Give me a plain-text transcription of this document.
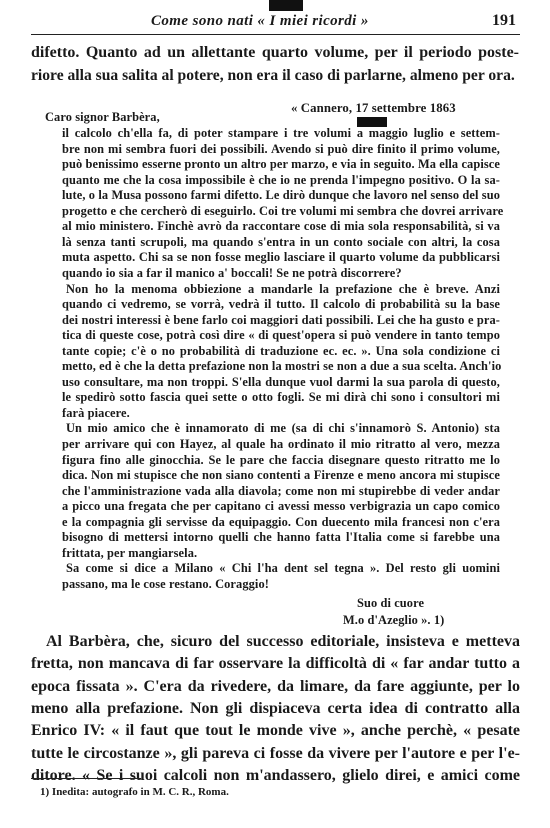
Come sono nati « I miei ricordi »	191

difetto. Quanto ad un allettante quarto volume, per il periodo poste-

riore alla sua salita al potere, non era il caso di parlarne, almeno per ora.

Caro signor Barbèra,

« Cannero, 17 settembre 1863

il calcolo ch'ella fa, di poter stampare i tre volumi a maggio luglio e settem-

bre non mi sembra fuori dei possibili. Avendo si può dire finito il primo volume,

può benissimo esserne pronto un altro per marzo, e via in seguito. Ma ella capisce

quanto me che la cosa impossibile è che io ne prenda l'impegno positivo. O la sa-

lute, o la Musa possono farmi difetto. Le dirò dunque che lavoro nel senso del suo

progetto e che cercherò di eseguirlo. Coi tre volumi mi sembra che dovrei arrivare

al mio ministero. Finchè avrò da raccontare cose di mia sola responsabilità, si va

là senza tanti scrupoli, ma quando s'entra in un conto sociale con altri, la cosa

muta aspetto. Chi sa se non fosse meglio lasciare il quarto volume da pubblicarsi

quando io sia a far il manico a' boccali! Se ne potrà discorrere?

Non ho la menoma obbiezione a mandarle la prefazione che è breve. Anzi

quando ci vedremo, se vorrà, vedrà il tutto. Il calcolo di probabilità su la base

dei nostri interessi è bene farlo coi maggiori dati possibili. Lei che ha gusto e pra-

tica di queste cose, potrà così dire « di quest'opera si può vendere in tanto tempo

tante copie; c'è o no probabilità di traduzione ec. ec. ». Una sola condizione ci

metto, ed è che la detta prefazione non la mostri se non a due a sua scelta. Anch'io

uso consultare, ma non troppi. S'ella dunque vuol darmi la sua parola di questo,

le spedirò sotto fascia quei sette o otto fogli. Se mi dirà chi sono i consultori mi

farà piacere.

Un mio amico che è innamorato di me (sa di chi s'innamorò S. Antonio) sta

per arrivare qui con Hayez, al quale ha ordinato il mio ritratto al vero, mezza

figura fino alle ginocchia. Se le pare che faccia disegnare questo ritratto me lo

dica. Non mi stupisce che non siano contenti a Firenze e meno ancora mi stupisce

che l'amministrazione vada alla diavola; come non mi stupirebbe di veder andar

a picco una fregata che per capitano ci avessi messo verbigrazia un capo comico

e la compagnia gli servisse da equipaggio. Con duecento mila francesi non c'era

bisogno di mettersi intorno quelli che hanno fatta l'Italia come si farebbe una

frittata, per mangiarsela.

Sa come si dice a Milano « Chi l'ha dent sel tegna ». Del resto gli uomini

passano, ma le cose restano. Coraggio!

Suo di cuore

M.o d'Azeglio ». 1)

Al Barbèra, che, sicuro del successo editoriale, insisteva e metteva

fretta, non mancava di far osservare la difficoltà di « far andar tutto a

epoca fissata ». C'era da rivedere, da limare, da fare aggiunte, per lo

meno alla prefazione. Non gli dispiaceva certa idea di contratto alla

Enrico IV: « il faut que tout le monde vive », anche perchè, « pesate

tutte le circostanze », gli pareva ci fosse da vivere per l'autore e per l'e-

ditore. « Se i suoi calcoli non m'andassero, glielo direi, e amici come

1) Inedita: autografo in M. C. R., Roma.
